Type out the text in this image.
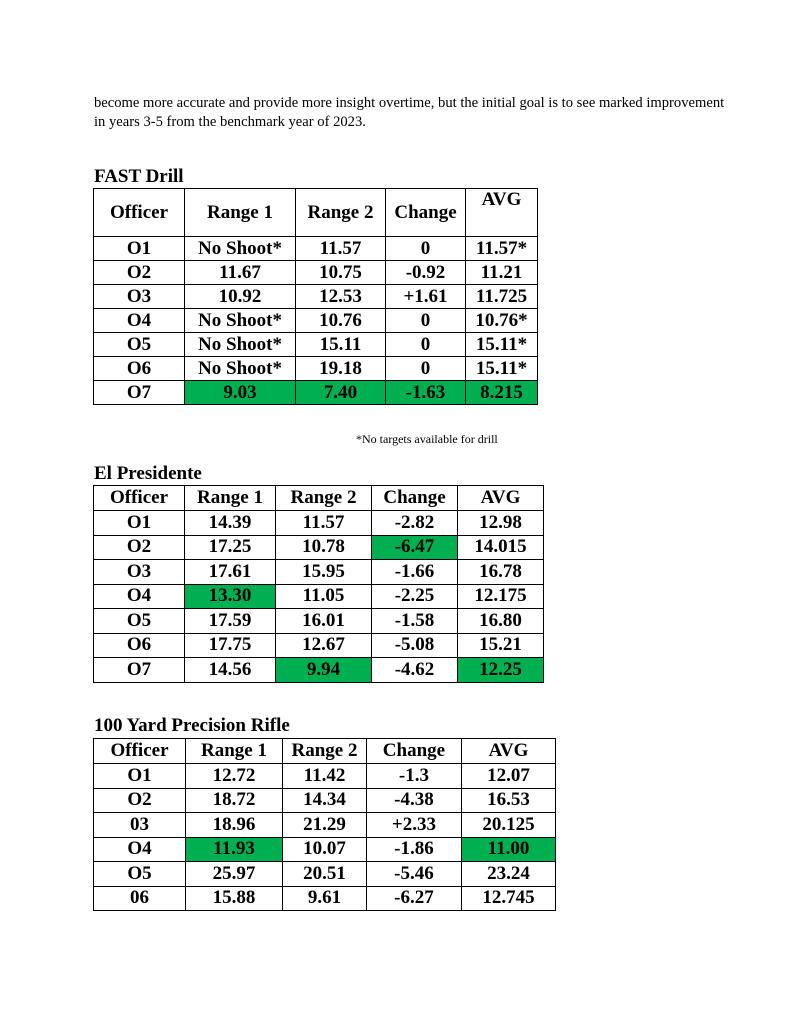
become more accurate and provide more insight overtime, but the initial goal is to see marked improvement in years 3-5 from the benchmark year of 2023.

FAST Drill
Officer	Range 1	Range 2	Change	AVG
O1	No Shoot*	11.57	0	11.57*
O2	11.67	10.75	-0.92	11.21
O3	10.92	12.53	+1.61	11.725
O4	No Shoot*	10.76	0	10.76*
O5	No Shoot*	15.11	0	15.11*
O6	No Shoot*	19.18	0	15.11*
O7	9.03	7.40	-1.63	8.215

*No targets available for drill

El Presidente
Officer	Range 1	Range 2	Change	AVG
O1	14.39	11.57	-2.82	12.98
O2	17.25	10.78	-6.47	14.015
O3	17.61	15.95	-1.66	16.78
O4	13.30	11.05	-2.25	12.175
O5	17.59	16.01	-1.58	16.80
O6	17.75	12.67	-5.08	15.21
O7	14.56	9.94	-4.62	12.25
100 Yard Precision Rifle
Officer	Range 1	Range 2	Change	AVG
O1	12.72	11.42	-1.3	12.07
O2	18.72	14.34	-4.38	16.53
03	18.96	21.29	+2.33	20.125
O4	11.93	10.07	-1.86	11.00
O5	25.97	20.51	-5.46	23.24
06	15.88	9.61	-6.27	12.745
